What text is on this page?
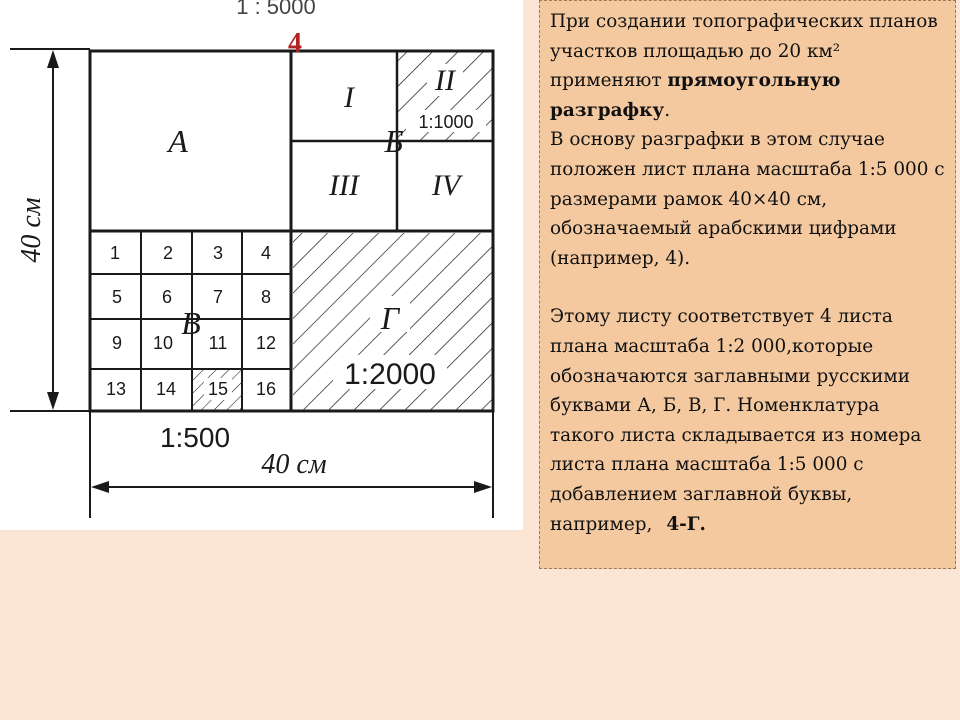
1 : 5000
4
А	Б
В	Г
I
II
III IV
1:1000
1:2000
1:500
40 см
40 см	1 2 3 4
5 6 7 8
9 10 11 12
13 14 15 16

При создании топографических планов участков площадью до 20 км² применяют прямоугольную разграфку.

В основу разграфки в этом случае положен лист плана масштаба 1:5 000 с размерами рамок 40×40 см, обозначаемый арабскими цифрами (например, 4).

Этому листу соответствует 4 листа плана масштаба 1:2 000,которые обозначаются заглавными русскими буквами А, Б, В, Г. Номенклатура такого листа складывается из номера листа плана масштаба 1:5 000 с добавлением заглавной буквы, например, 4-Г.
